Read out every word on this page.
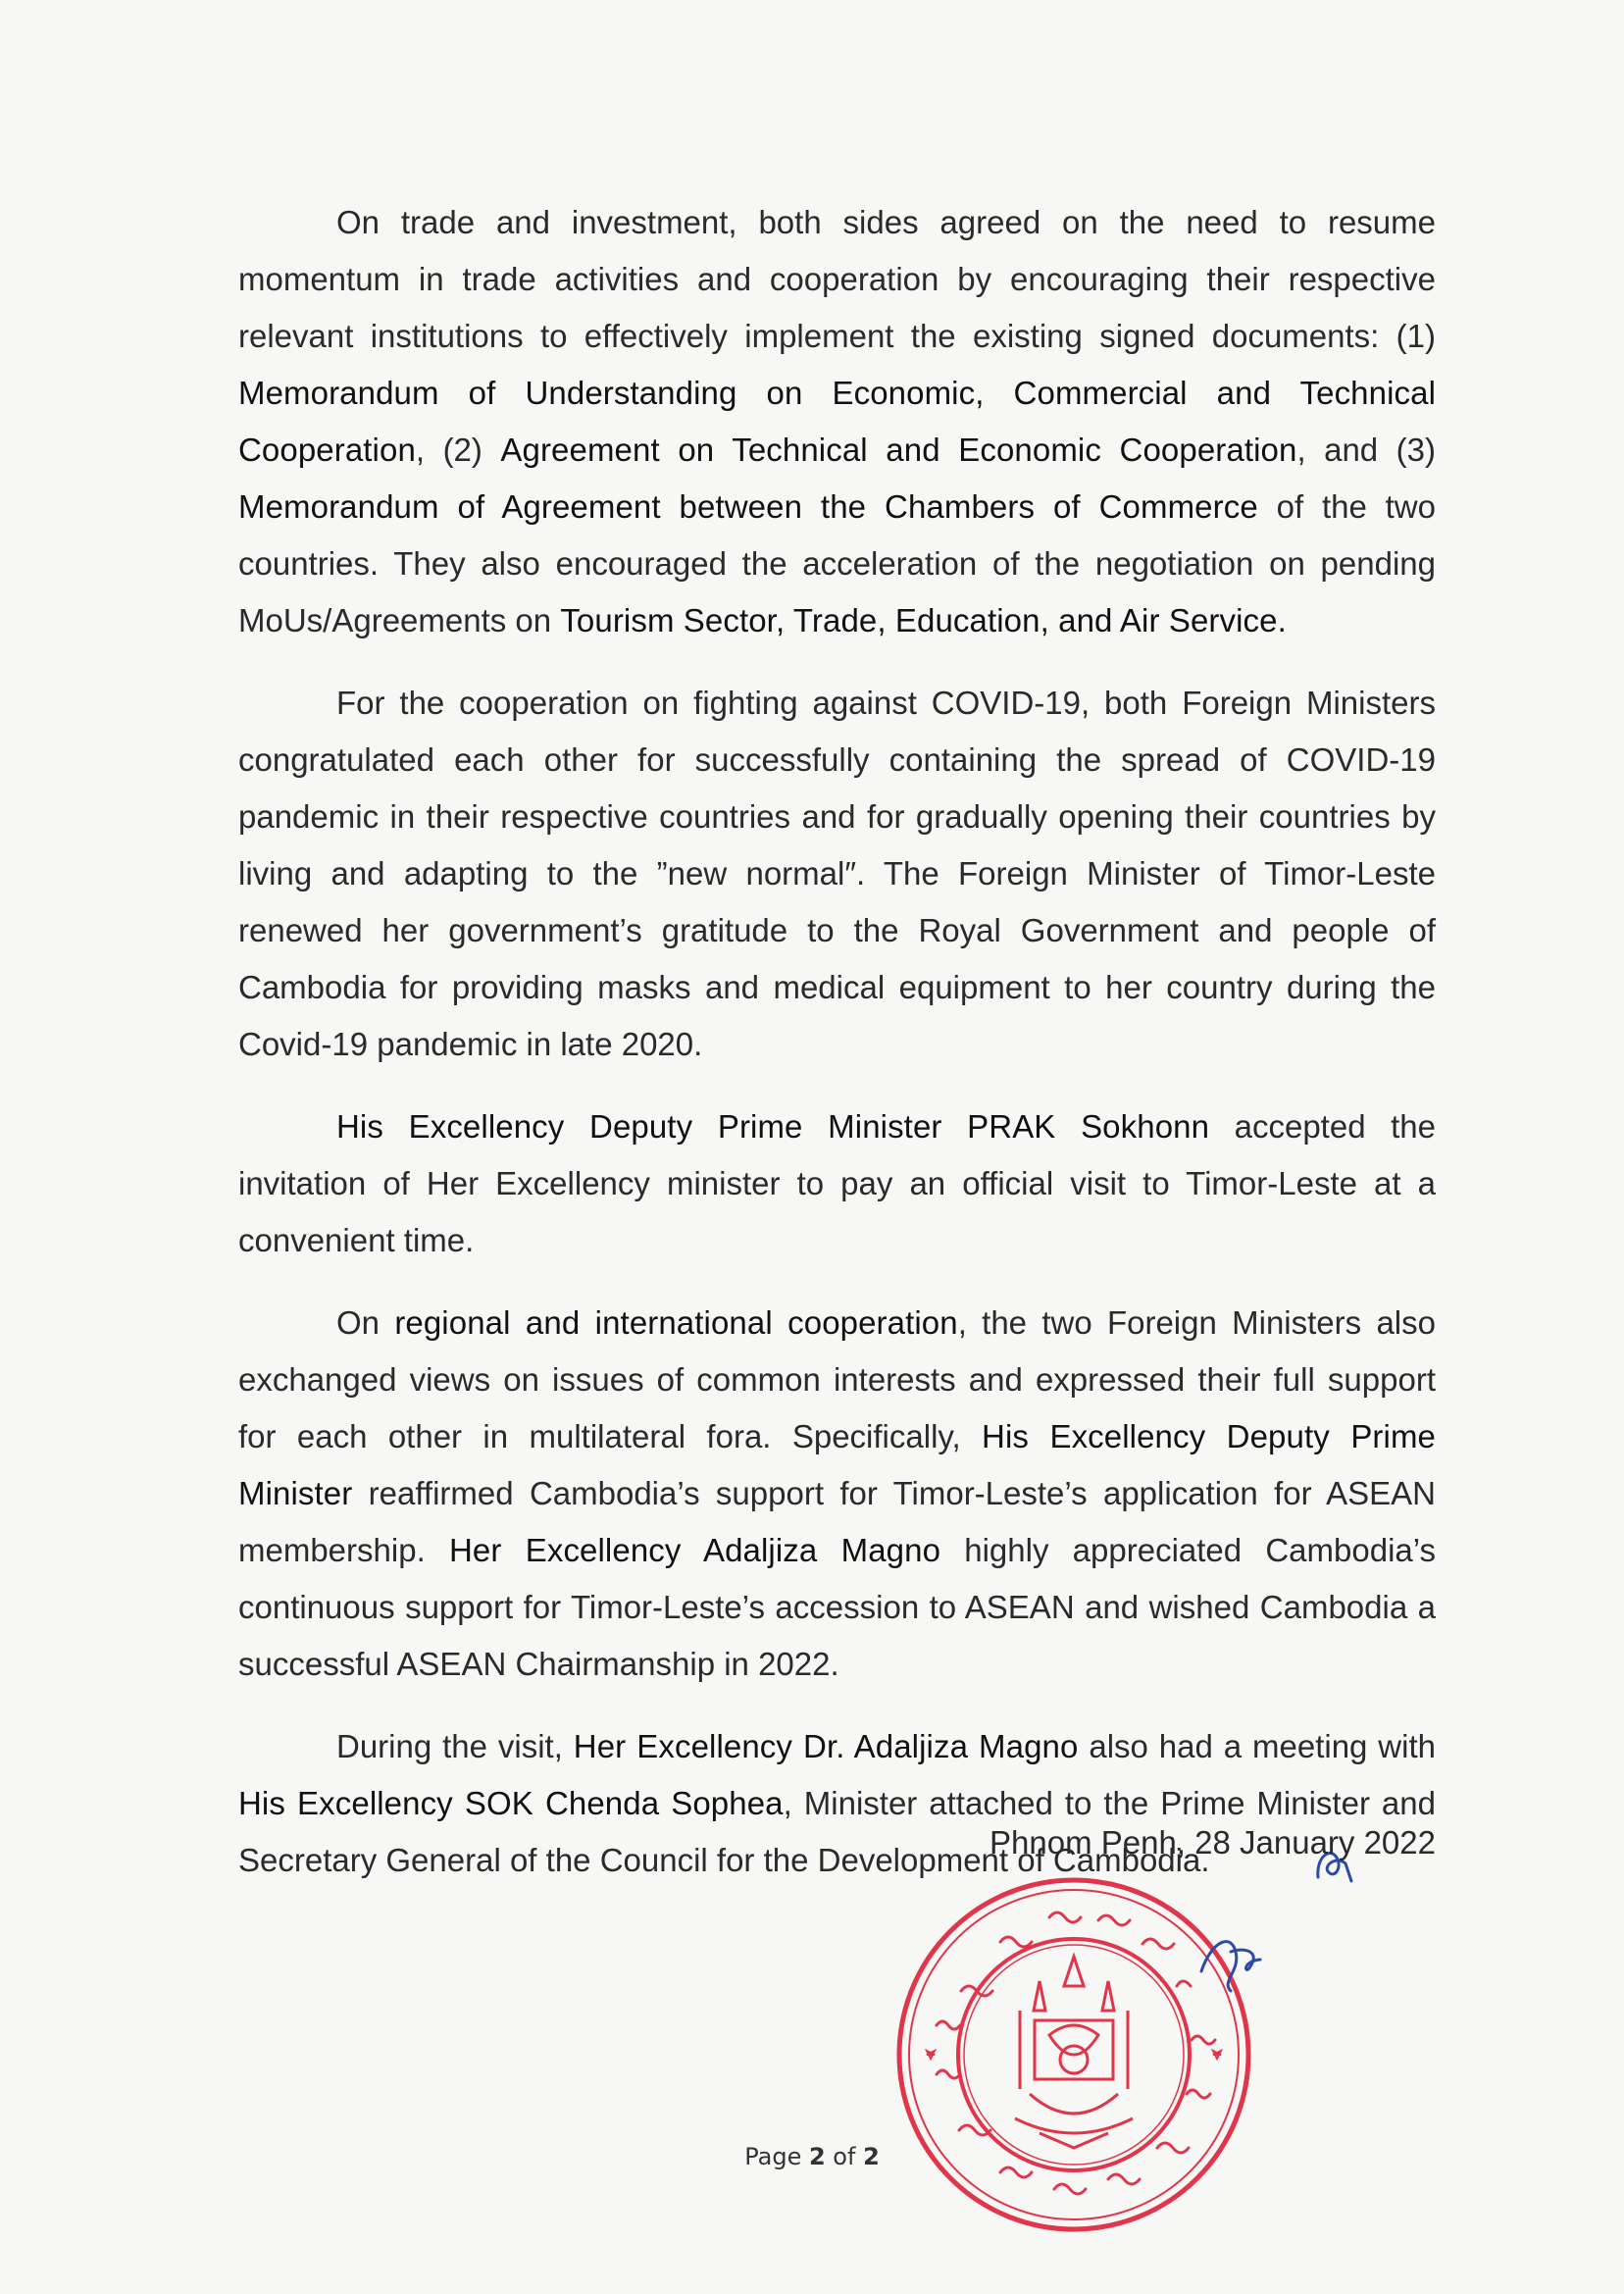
On trade and investment, both sides agreed on the need to resume momentum in trade activities and cooperation by encouraging their respective relevant institutions to effectively implement the existing signed documents: (1) Memorandum of Understanding on Economic, Commercial and Technical Cooperation, (2) Agreement on Technical and Economic Cooperation, and (3) Memorandum of Agreement between the Chambers of Commerce of the two countries. They also encouraged the acceleration of the negotiation on pending MoUs/Agreements on Tourism Sector, Trade, Education, and Air Service.

For the cooperation on fighting against COVID-19, both Foreign Ministers congratulated each other for successfully containing the spread of COVID-19 pandemic in their respective countries and for gradually opening their countries by living and adapting to the ”new normal″. The Foreign Minister of Timor-Leste renewed her government’s gratitude to the Royal Government and people of Cambodia for providing masks and medical equipment to her country during the Covid-19 pandemic in late 2020.

His Excellency Deputy Prime Minister PRAK Sokhonn accepted the invitation of Her Excellency minister to pay an official visit to Timor-Leste at a convenient time.

On regional and international cooperation, the two Foreign Ministers also exchanged views on issues of common interests and expressed their full support for each other in multilateral fora. Specifically, His Excellency Deputy Prime Minister reaffirmed Cambodia’s support for Timor-Leste’s application for ASEAN membership. Her Excellency Adaljiza Magno highly appreciated Cambodia’s continuous support for Timor-Leste’s accession to ASEAN and wished Cambodia a successful ASEAN Chairmanship in 2022.

During the visit, Her Excellency Dr. Adaljiza Magno also had a meeting with His Excellency SOK Chenda Sophea, Minister attached to the Prime Minister and Secretary General of the Council for the Development of Cambodia.

Phnom Penh, 28 January 2022
Page 2 of 2
